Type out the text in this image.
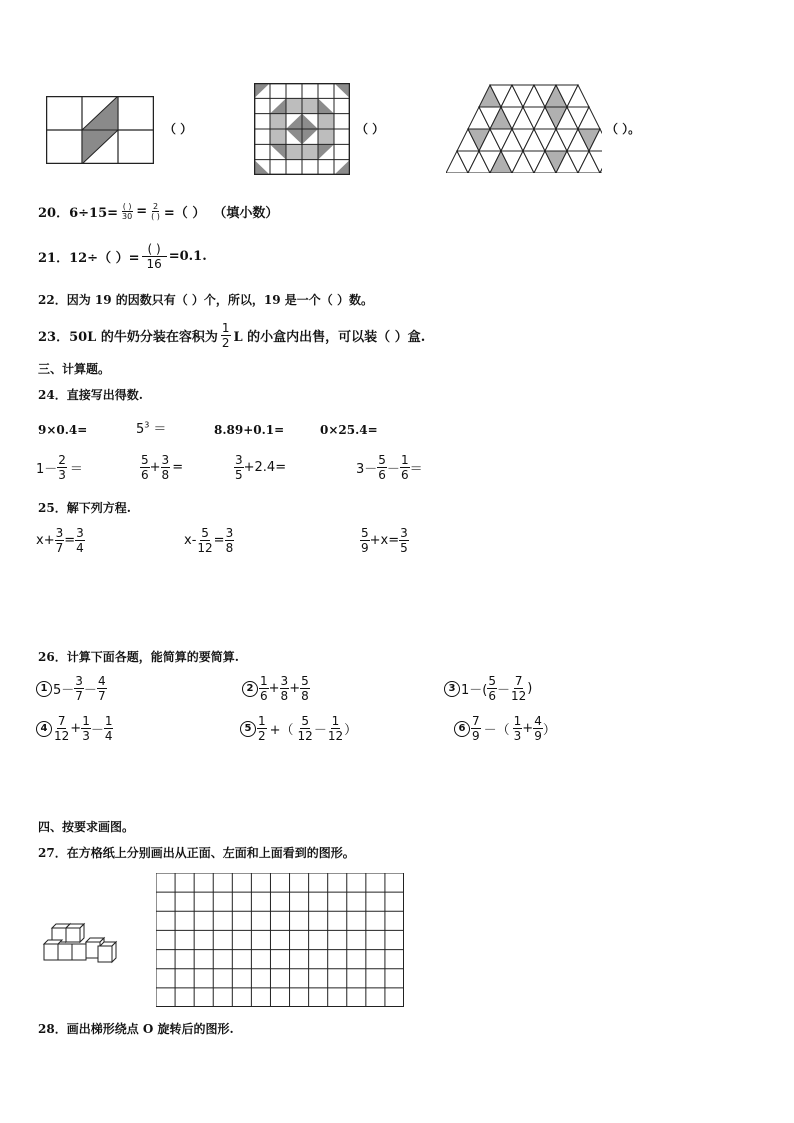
（ ）	（ ）	（ ）。
20．$6\div 15= \frac{( )}{30} = \frac{2}{( )}$ =（ ） （填小数）
21．12÷（ ）= $\frac{( )}{16} =0.1$.
22．因为 19 的因数只有（ ）个，所以，19 是一个（ ）数。
23．50L 的牛奶分装在容积为 $\frac{1}{2}$ L 的小盒内出售，可以装（ ）盒.
三、计算题。
24．直接写出得数.
9×0.4=	$5^3$ ＝	8.89+0.1=	0×25.4=
$1- \frac{2}{3}$ ＝	$\frac{5}{6} + \frac{3}{8}$ =	$\frac{3}{5} +2.4=$	$3- \frac{5}{6} - \frac{1}{6}$ ＝
25．解下列方程.
$x+ \frac{3}{7} = \frac{3}{4}$	$x- \frac{5}{12} = \frac{3}{8}$	$\frac{5}{9} +x= \frac{3}{5}$
26．计算下面各题，能简算的要简算.
1 $5- \frac{3}{7} - \frac{4}{7}$	$2 \frac{1}{6} + \frac{3}{8} + \frac{5}{8}$	3 $1-( \frac{5}{6} - \frac{7}{12}$ )
$4 \frac{7}{12} + \frac{1}{3} - \frac{1}{4}$	$5 \frac{1}{2}$ +（ $\frac{5}{12} - \frac{1}{12}$ ）	$6 \frac{7}{9}$ －（ $\frac{1}{3} + \frac{4}{9}$ ）
四、按要求画图。
27．在方格纸上分别画出从正面、左面和上面看到的图形。
28．画出梯形绕点 O 旋转后的图形.
